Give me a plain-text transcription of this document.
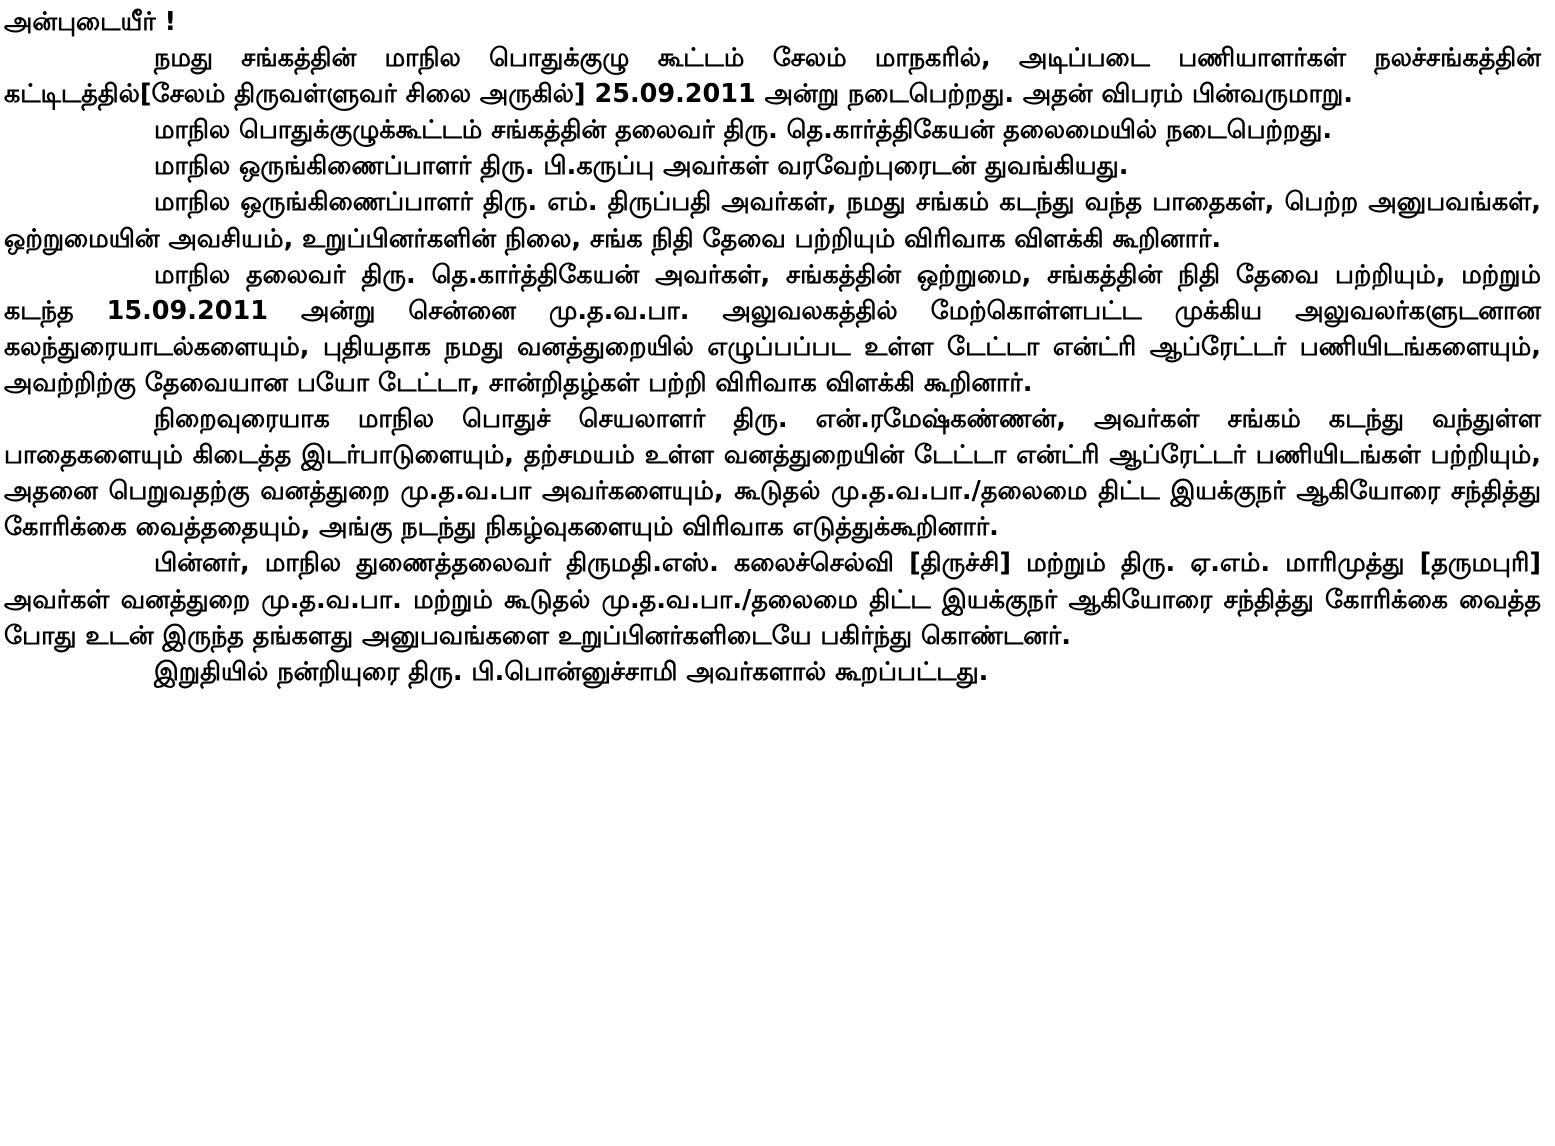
அன்புடையீர் !

நமது சங்கத்தின் மாநில பொதுக்குழு கூட்டம் சேலம் மாநகரில், அடிப்படை பணியாளர்கள் நலச்சங்கத்தின் கட்டிடத்தில்[சேலம் திருவள்ளுவர் சிலை அருகில்] 25.09.2011 அன்று நடைபெற்றது. அதன் விபரம் பின்வருமாறு.

மாநில பொதுக்குழுக்கூட்டம் சங்கத்தின் தலைவர் திரு. தெ.கார்த்திகேயன் தலைமையில் நடைபெற்றது.

மாநில ஒருங்கிணைப்பாளர் திரு. பி.கருப்பு அவர்கள் வரவேற்புரைடன் துவங்கியது.

மாநில ஒருங்கிணைப்பாளர் திரு. எம். திருப்பதி அவர்கள், நமது சங்கம் கடந்து வந்த பாதைகள், பெற்ற அனுபவங்கள், ஒற்றுமையின் அவசியம், உறுப்பினர்களின் நிலை, சங்க நிதி தேவை பற்றியும் விரிவாக விளக்கி கூறினார்.

மாநில தலைவர் திரு. தெ.கார்த்திகேயன் அவர்கள், சங்கத்தின் ஒற்றுமை, சங்கத்தின் நிதி தேவை பற்றியும், மற்றும் கடந்த 15.09.2011 அன்று சென்னை மு.த.வ.பா. அலுவலகத்தில் மேற்கொள்ளபட்ட முக்கிய அலுவலர்களுடனான கலந்துரையாடல்களையும், புதியதாக நமது வனத்துறையில் எழுப்பப்பட உள்ள டேட்டா என்ட்ரி ஆப்ரேட்டர் பணியிடங்களையும், அவற்றிற்கு தேவையான பயோ டேட்டா, சான்றிதழ்கள் பற்றி விரிவாக விளக்கி கூறினார்.

நிறைவுரையாக மாநில பொதுச் செயலாளர் திரு. என்.ரமேஷ்கண்ணன், அவர்கள் சங்கம் கடந்து வந்துள்ள பாதைகளையும் கிடைத்த இடர்பாடுளையும், தற்சமயம் உள்ள வனத்துறையின் டேட்டா என்ட்ரி ஆப்ரேட்டர் பணியிடங்கள் பற்றியும், அதனை பெறுவதற்கு வனத்துறை மு.த.வ.பா அவர்களையும், கூடுதல் மு.த.வ.பா./தலைமை திட்ட இயக்குநர் ஆகியோரை சந்தித்து கோரிக்கை வைத்ததையும், அங்கு நடந்து நிகழ்வுகளையும் விரிவாக எடுத்துக்கூறினார்.

பின்னர், மாநில துணைத்தலைவர் திருமதி.எஸ். கலைச்செல்வி [திருச்சி] மற்றும் திரு. ஏ.எம். மாரிமுத்து [தருமபுரி] அவர்கள் வனத்துறை மு.த.வ.பா. மற்றும் கூடுதல் மு.த.வ.பா./தலைமை திட்ட இயக்குநர் ஆகியோரை சந்தித்து கோரிக்கை வைத்த போது உடன் இருந்த தங்களது அனுபவங்களை உறுப்பினர்களிடையே பகிர்ந்து கொண்டனர்.

இறுதியில் நன்றியுரை திரு. பி.பொன்னுச்சாமி அவர்களால் கூறப்பட்டது.
